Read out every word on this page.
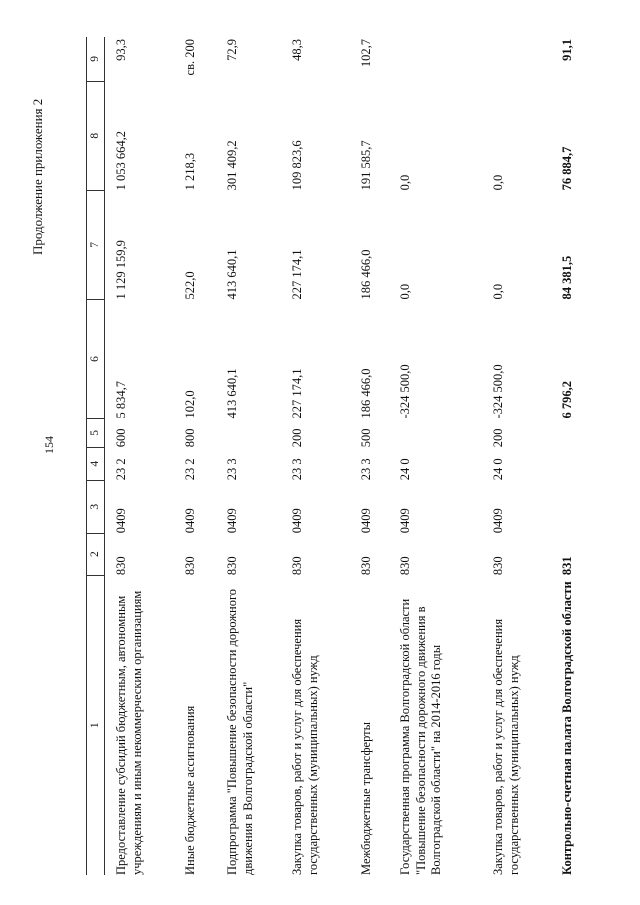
154
Продолжение приложения 2
1	2	3	4	5	6	7	8	9
Предоставление субсидий бюджетным, автономным учреждениям и иным некоммерческим организациям	830	0409	23 2	600	5 834,7	1 129 159,9	1 053 664,2	93,3
Иные бюджетные ассигнования	830	0409	23 2	800	102,0	522,0	1 218,3	св. 200
Подпрограмма "Повышение безопасности дорожного движения в Волгоградской области"	830	0409	23 3		413 640,1	413 640,1	301 409,2	72,9
Закупка товаров, работ и услуг для обеспечения государственных (муниципальных) нужд	830	0409	23 3	200	227 174,1	227 174,1	109 823,6	48,3
Межбюджетные трансферты	830	0409	23 3	500	186 466,0	186 466,0	191 585,7	102,7
Государственная программа Волгоградской области "Повышение безопасности дорожного движения в Волгоградской области" на 2014-2016 годы	830	0409	24 0		-324 500,0	0,0	0,0	
Закупка товаров, работ и услуг для обеспечения государственных (муниципальных) нужд	830	0409	24 0	200	-324 500,0	0,0	0,0	
Контрольно-счетная палата Волгоградской области	831				6 796,2	84 381,5	76 884,7	91,1
